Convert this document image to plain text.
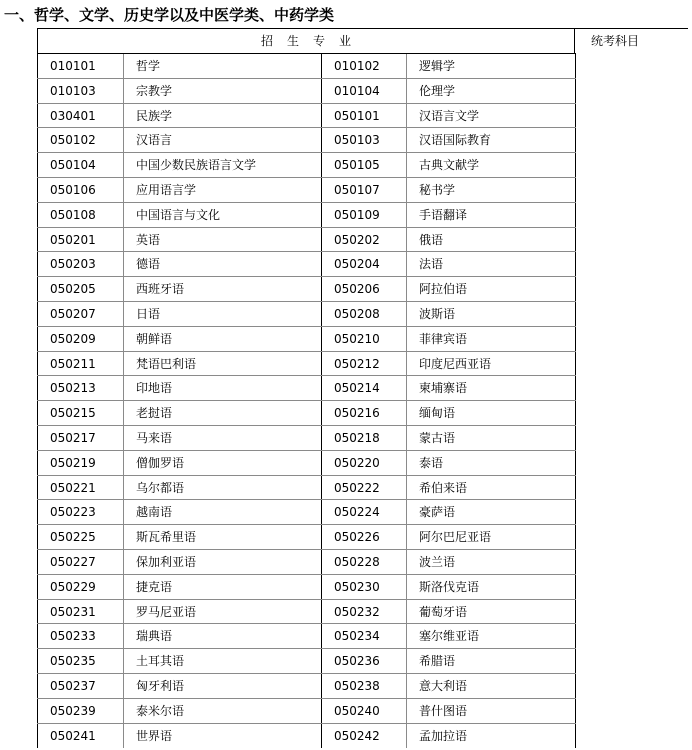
一、哲学、文学、历史学以及中医学类、中药学类
招生专业	统考科目
010101	哲学	010102	逻辑学
010103	宗教学	010104	伦理学
030401	民族学	050101	汉语言文学
050102	汉语言	050103	汉语国际教育
050104	中国少数民族语言文学	050105	古典文献学
050106	应用语言学	050107	秘书学
050108	中国语言与文化	050109	手语翻译
050201	英语	050202	俄语
050203	德语	050204	法语
050205	西班牙语	050206	阿拉伯语
050207	日语	050208	波斯语
050209	朝鲜语	050210	菲律宾语
050211	梵语巴利语	050212	印度尼西亚语
050213	印地语	050214	柬埔寨语
050215	老挝语	050216	缅甸语
050217	马来语	050218	蒙古语
050219	僧伽罗语	050220	泰语
050221	乌尔都语	050222	希伯来语
050223	越南语	050224	豪萨语
050225	斯瓦希里语	050226	阿尔巴尼亚语
050227	保加利亚语	050228	波兰语
050229	捷克语	050230	斯洛伐克语
050231	罗马尼亚语	050232	葡萄牙语
050233	瑞典语	050234	塞尔维亚语
050235	土耳其语	050236	希腊语
050237	匈牙利语	050238	意大利语
050239	泰米尔语	050240	普什图语
050241	世界语	050242	孟加拉语
